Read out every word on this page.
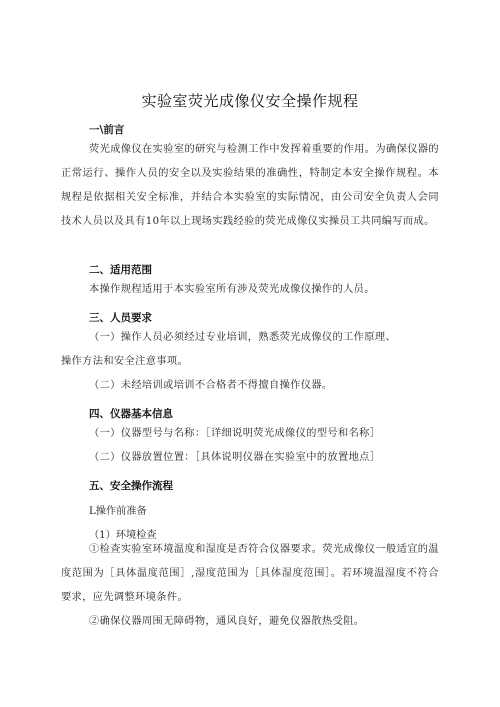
实验室荧光成像仪安全操作规程
一\前言
荧光成像仪在实验室的研究与检测工作中发挥着重要的作用。为确保仪器的正常运行、操作人员的安全以及实验结果的准确性，特制定本安全操作规程。本规程是依据相关安全标准，并结合本实验室的实际情况，由公司安全负责人会同技术人员以及具有10年以上现场实践经验的荧光成像仪实操员工共同编写而成。
二、适用范围
本操作规程适用于本实验室所有涉及荧光成像仪操作的人员。
三、人员要求
（一）操作人员必须经过专业培训，熟悉荧光成像仪的工作原理、
操作方法和安全注意事项。
（二）未经培训或培训不合格者不得擅自操作仪器。
四、仪器基本信息
（一）仪器型号与名称：［详细说明荧光成像仪的型号和名称］
（二）仪器放置位置：［具体说明仪器在实验室中的放置地点］
五、安全操作流程
L操作前准备
（1）环境检查
①检查实验室环境温度和湿度是否符合仪器要求。荧光成像仪一般适宜的温度范围为［具体温度范围］,湿度范围为［具体湿度范围］。若环境温湿度不符合要求，应先调整环境条件。
②确保仪器周围无障碍物，通风良好，避免仪器散热受阻。
